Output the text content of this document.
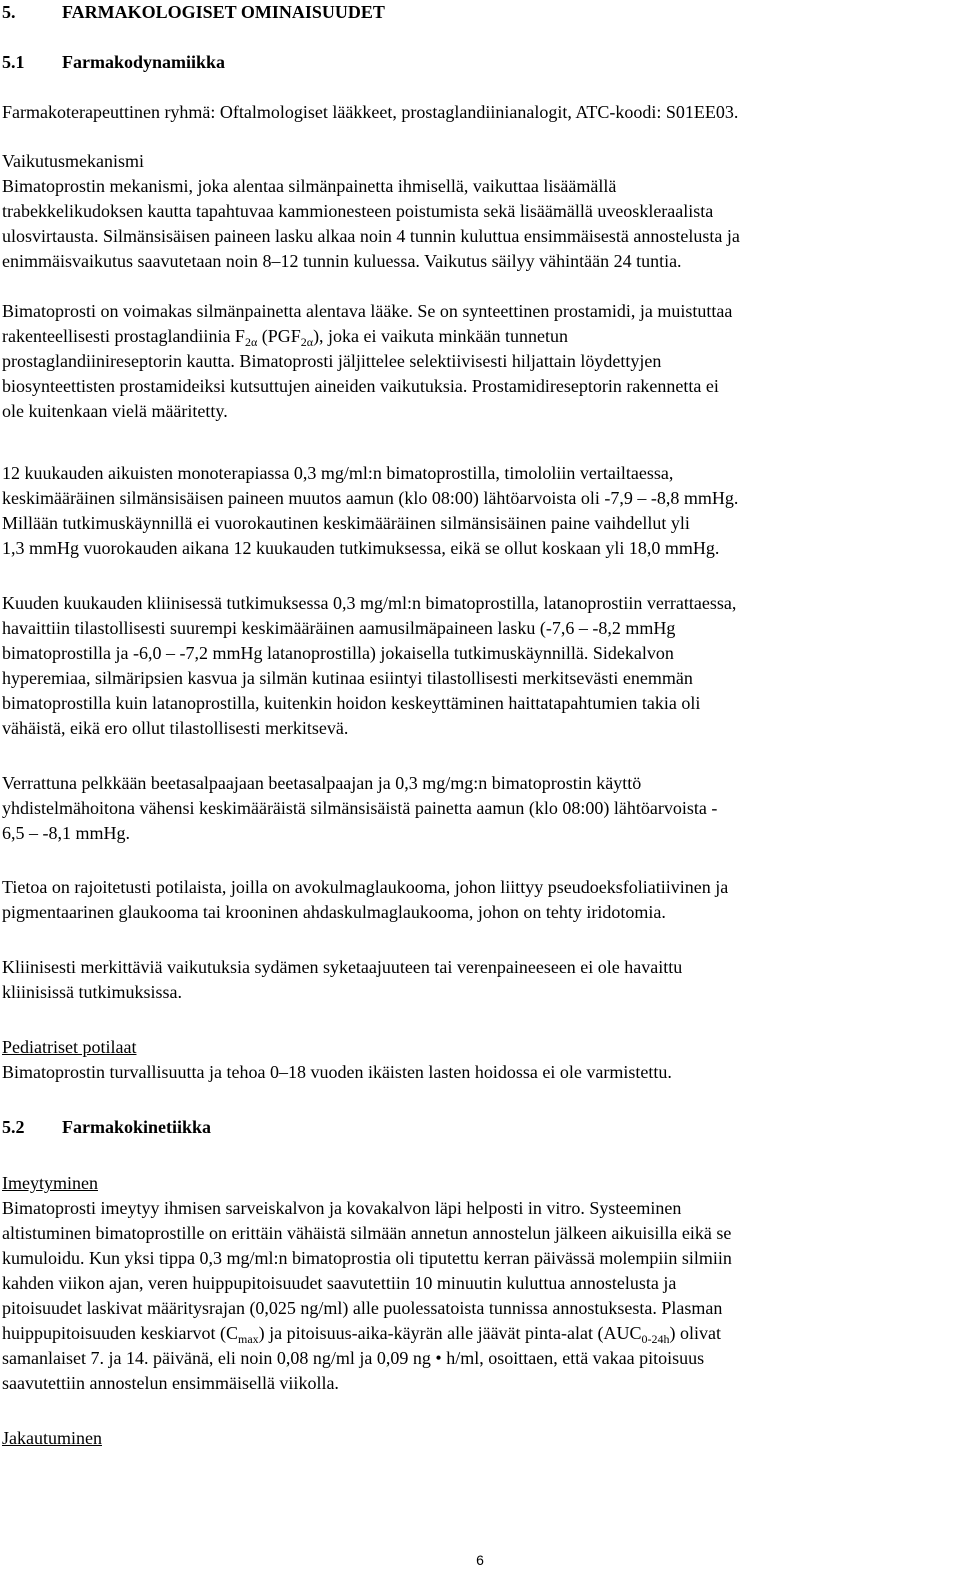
5.	FARMAKOLOGISET OMINAISUUDET
5.1 Farmakodynamiikka
Farmakoterapeuttinen ryhmä: Oftalmologiset lääkkeet, prostaglandiinianalogit, ATC-koodi: S01EE03.
Vaikutusmekanismi
Bimatoprostin mekanismi, joka alentaa silmänpainetta ihmisellä, vaikuttaa lisäämällä
trabekkelikudoksen kautta tapahtuvaa kammionesteen poistumista sekä lisäämällä uveoskleraalista
ulosvirtausta. Silmänsisäisen paineen lasku alkaa noin 4 tunnin kuluttua ensimmäisestä annostelusta ja
enimmäisvaikutus saavutetaan noin 8–12 tunnin kuluessa. Vaikutus säilyy vähintään 24 tuntia.
Bimatoprosti on voimakas silmänpainetta alentava lääke. Se on synteettinen prostamidi, ja muistuttaa
rakenteellisesti prostaglandiinia $F_{2\alpha}$ $(PGF_{2\alpha})$, joka ei vaikuta minkään tunnetun
prostaglandiinireseptorin kautta. Bimatoprosti jäljittelee selektiivisesti hiljattain löydettyjen
biosynteettisten prostamideiksi kutsuttujen aineiden vaikutuksia. Prostamidireseptorin rakennetta ei
ole kuitenkaan vielä määritetty.
12 kuukauden aikuisten monoterapiassa 0,3 mg/ml:n bimatoprostilla, timololiin vertailtaessa,
keskimääräinen silmänsisäisen paineen muutos aamun (klo 08:00) lähtöarvoista oli -7,9 – -8,8 mmHg.
Millään tutkimuskäynnillä ei vuorokautinen keskimääräinen silmänsisäinen paine vaihdellut yli
1,3 mmHg vuorokauden aikana 12 kuukauden tutkimuksessa, eikä se ollut koskaan yli 18,0 mmHg.
Kuuden kuukauden kliinisessä tutkimuksessa 0,3 mg/ml:n bimatoprostilla, latanoprostiin verrattaessa,
havaittiin tilastollisesti suurempi keskimääräinen aamusilmäpaineen lasku (-7,6 – -8,2 mmHg
bimatoprostilla ja -6,0 – -7,2 mmHg latanoprostilla) jokaisella tutkimuskäynnillä. Sidekalvon
hyperemiaa, silmäripsien kasvua ja silmän kutinaa esiintyi tilastollisesti merkitsevästi enemmän
bimatoprostilla kuin latanoprostilla, kuitenkin hoidon keskeyttäminen haittatapahtumien takia oli
vähäistä, eikä ero ollut tilastollisesti merkitsevä.
Verrattuna pelkkään beetasalpaajaan beetasalpaajan ja 0,3 mg/mg:n bimatoprostin käyttö
yhdistelmähoitona vähensi keskimääräistä silmänsisäistä painetta aamun (klo 08:00) lähtöarvoista -
6,5 – -8,1 mmHg.
Tietoa on rajoitetusti potilaista, joilla on avokulmaglaukooma, johon liittyy pseudoeksfoliatiivinen ja
pigmentaarinen glaukooma tai krooninen ahdaskulmaglaukooma, johon on tehty iridotomia.
Kliinisesti merkittäviä vaikutuksia sydämen syketaajuuteen tai verenpaineeseen ei ole havaittu
kliinisissä tutkimuksissa.
Pediatriset potilaat
Bimatoprostin turvallisuutta ja tehoa 0–18 vuoden ikäisten lasten hoidossa ei ole varmistettu.
5.2 Farmakokinetiikka
Imeytyminen
Bimatoprosti imeytyy ihmisen sarveiskalvon ja kovakalvon läpi helposti in vitro. Systeeminen
altistuminen bimatoprostille on erittäin vähäistä silmään annetun annostelun jälkeen aikuisilla eikä se
kumuloidu. Kun yksi tippa 0,3 mg/ml:n bimatoprostia oli tiputettu kerran päivässä molempiin silmiin
kahden viikon ajan, veren huippupitoisuudet saavutettiin 10 minuutin kuluttua annostelusta ja
pitoisuudet laskivat määritysrajan (0,025 ng/ml) alle puolessatoista tunnissa annostuksesta. Plasman
huippupitoisuuden keskiarvot $(C_{max})$ ja pitoisuus-aika-käyrän alle jäävät pinta-alat $(AUC_{0-24h})$ olivat
samanlaiset 7. ja 14. päivänä, eli noin 0,08 ng/ml ja 0,09 ng • h/ml, osoittaen, että vakaa pitoisuus
saavutettiin annostelun ensimmäisellä viikolla.
Jakautuminen
6
